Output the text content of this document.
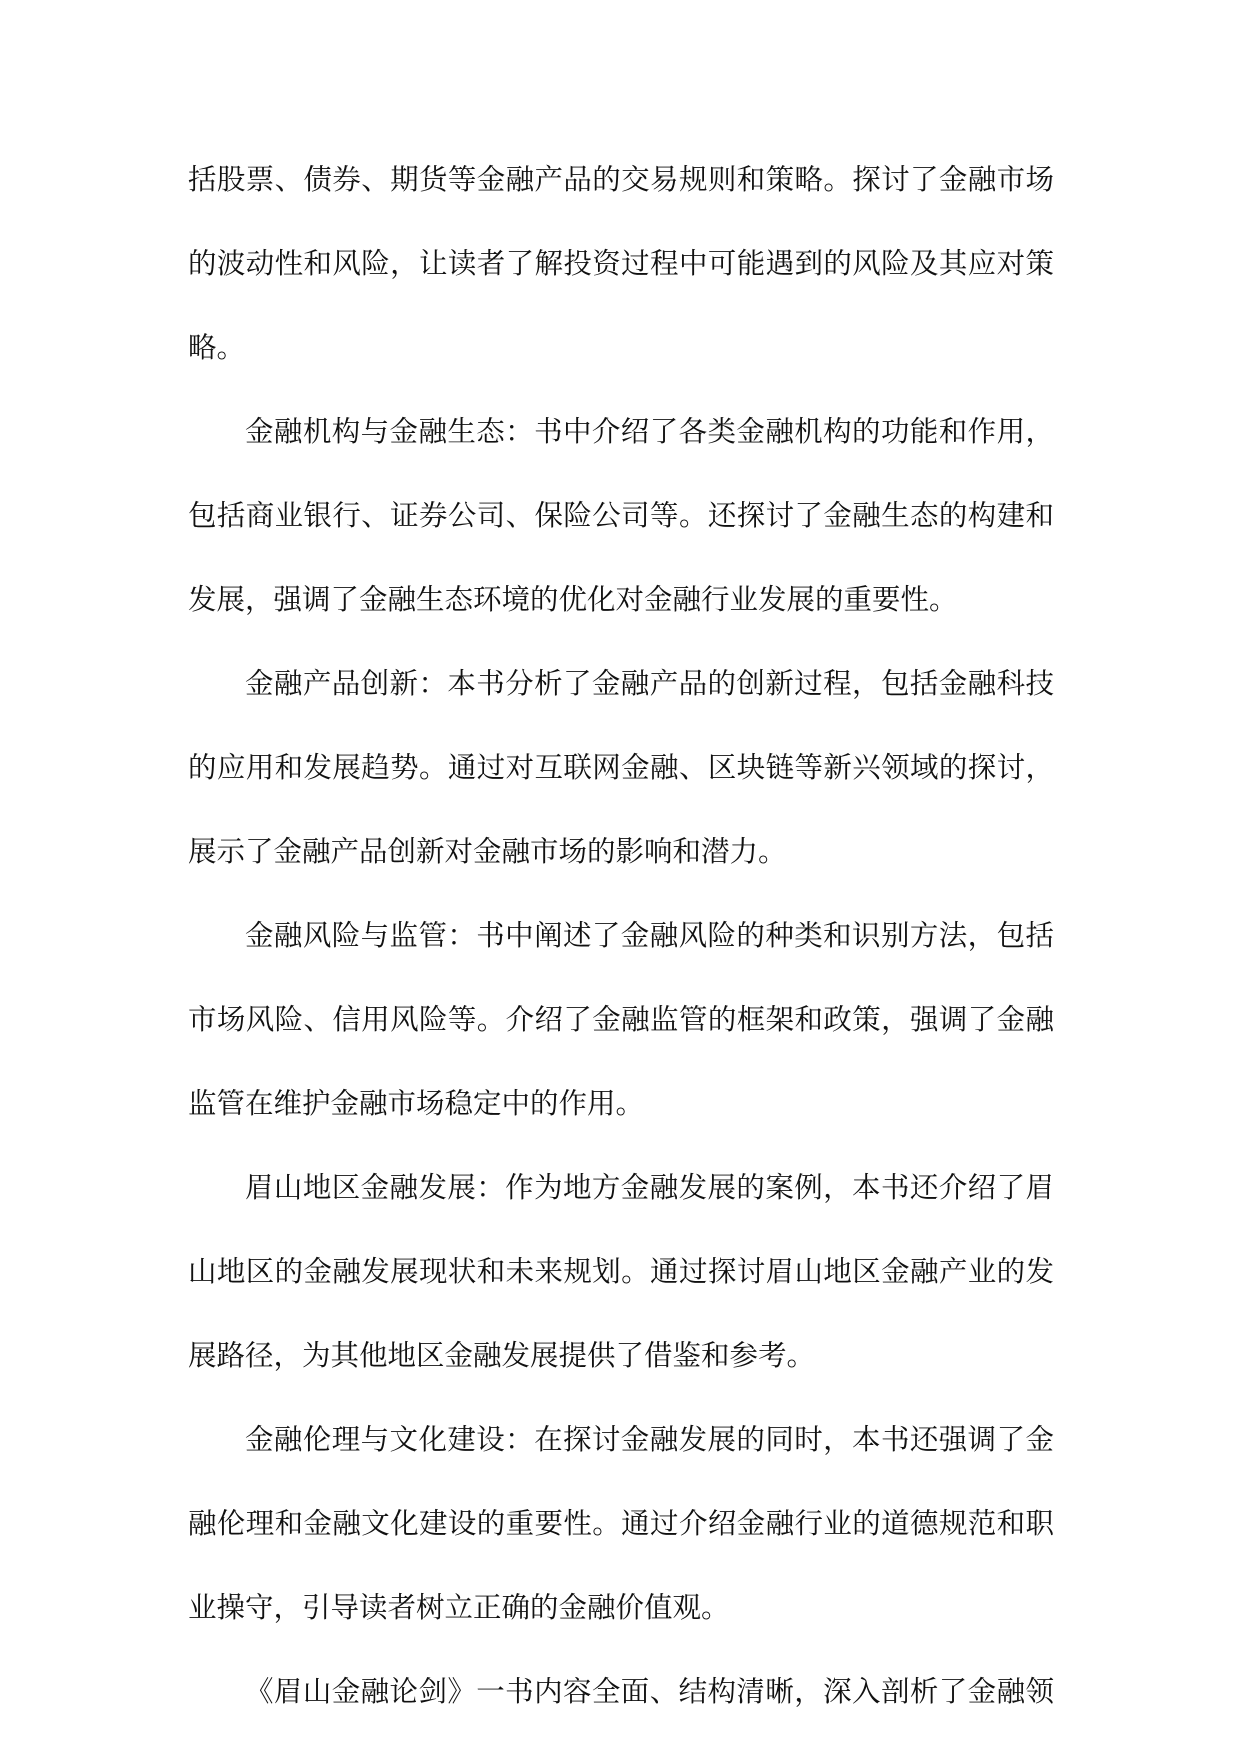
括股票、债券、期货等金融产品的交易规则和策略。探讨了金融市场
的波动性和风险，让读者了解投资过程中可能遇到的风险及其应对策
略。
金融机构与金融生态：书中介绍了各类金融机构的功能和作用，
包括商业银行、证券公司、保险公司等。还探讨了金融生态的构建和
发展，强调了金融生态环境的优化对金融行业发展的重要性。
金融产品创新：本书分析了金融产品的创新过程，包括金融科技
的应用和发展趋势。通过对互联网金融、区块链等新兴领域的探讨，
展示了金融产品创新对金融市场的影响和潜力。
金融风险与监管：书中阐述了金融风险的种类和识别方法，包括
市场风险、信用风险等。介绍了金融监管的框架和政策，强调了金融
监管在维护金融市场稳定中的作用。
眉山地区金融发展：作为地方金融发展的案例，本书还介绍了眉
山地区的金融发展现状和未来规划。通过探讨眉山地区金融产业的发
展路径，为其他地区金融发展提供了借鉴和参考。
金融伦理与文化建设：在探讨金融发展的同时，本书还强调了金
融伦理和金融文化建设的重要性。通过介绍金融行业的道德规范和职
业操守，引导读者树立正确的金融价值观。
《眉山金融论剑》一书内容全面、结构清晰，深入剖析了金融领
